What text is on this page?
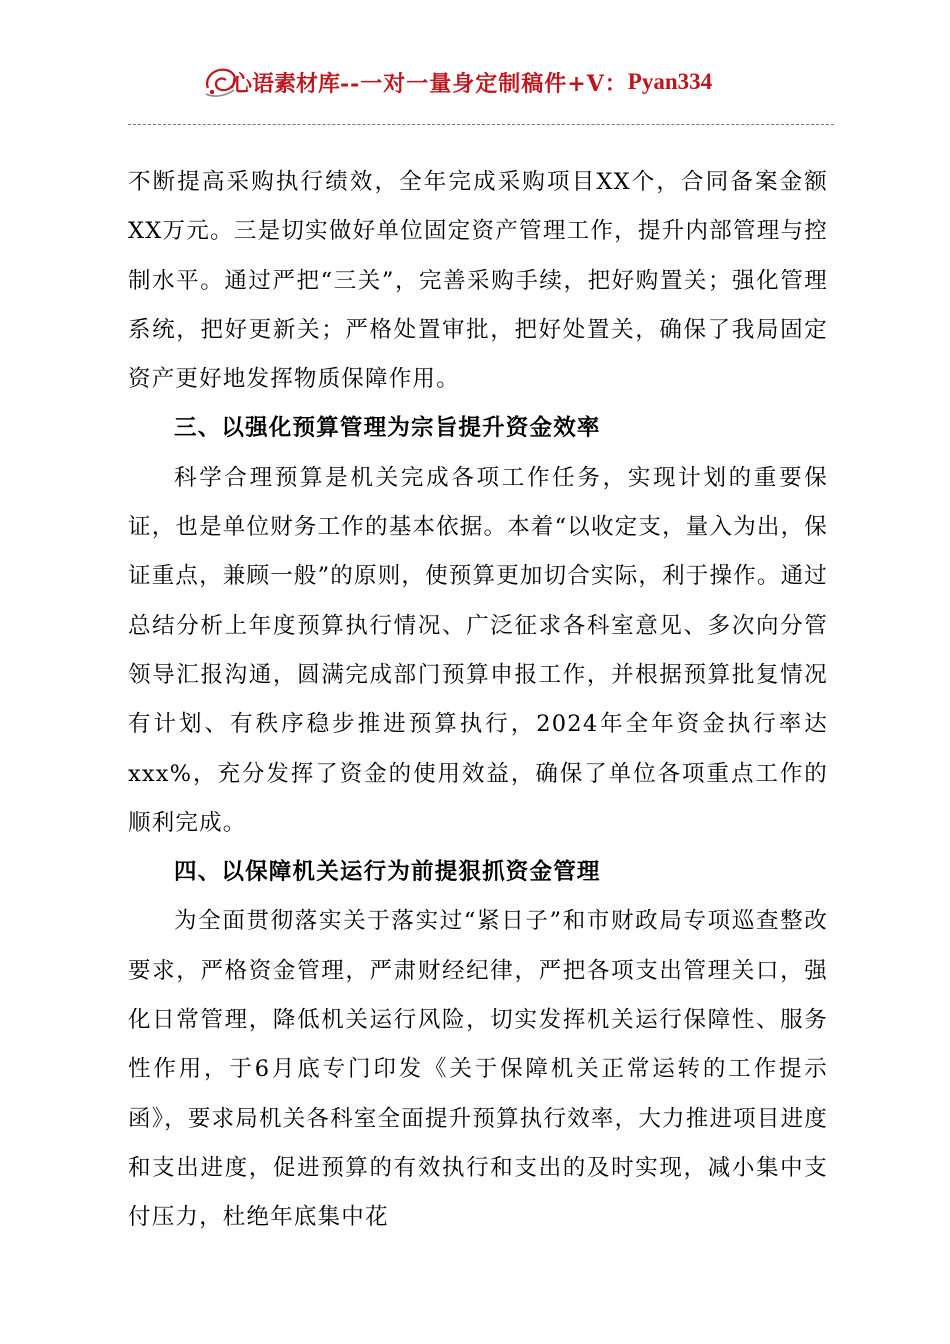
心语素材库 --一对一量身定制稿件+V： Pyan334

不断提高采购执行绩效，全年完成采购项目XX个，合同备案金额XX万元。三是切实做好单位固定资产管理工作，提升内部管理与控制水平。通过严把“三关”，完善采购手续，把好购置关；强化管理系统，把好更新关；严格处置审批，把好处置关，确保了我局固定资产更好地发挥物质保障作用。

三、以强化预算管理为宗旨提升资金效率

科学合理预算是机关完成各项工作任务，实现计划的重要保证，也是单位财务工作的基本依据。本着“以收定支，量入为出，保证重点，兼顾一般”的原则，使预算更加切合实际，利于操作。通过总结分析上年度预算执行情况、广泛征求各科室意见、多次向分管领导汇报沟通，圆满完成部门预算申报工作，并根据预算批复情况有计划、有秩序稳步推进预算执行，2024年全年资金执行率达xxx%，充分发挥了资金的使用效益，确保了单位各项重点工作的顺利完成。

四、以保障机关运行为前提狠抓资金管理

为全面贯彻落实关于落实过“紧日子”和市财政局专项巡查整改要求，严格资金管理，严肃财经纪律，严把各项支出管理关口，强化日常管理，降低机关运行风险，切实发挥机关运行保障性、服务性作用，于6月底专门印发《关于保障机关正常运转的工作提示函》，要求局机关各科室全面提升预算执行效率，大力推进项目进度和支出进度，促进预算的有效执行和支出的及时实现，减小集中支付压力，杜绝年底集中花
